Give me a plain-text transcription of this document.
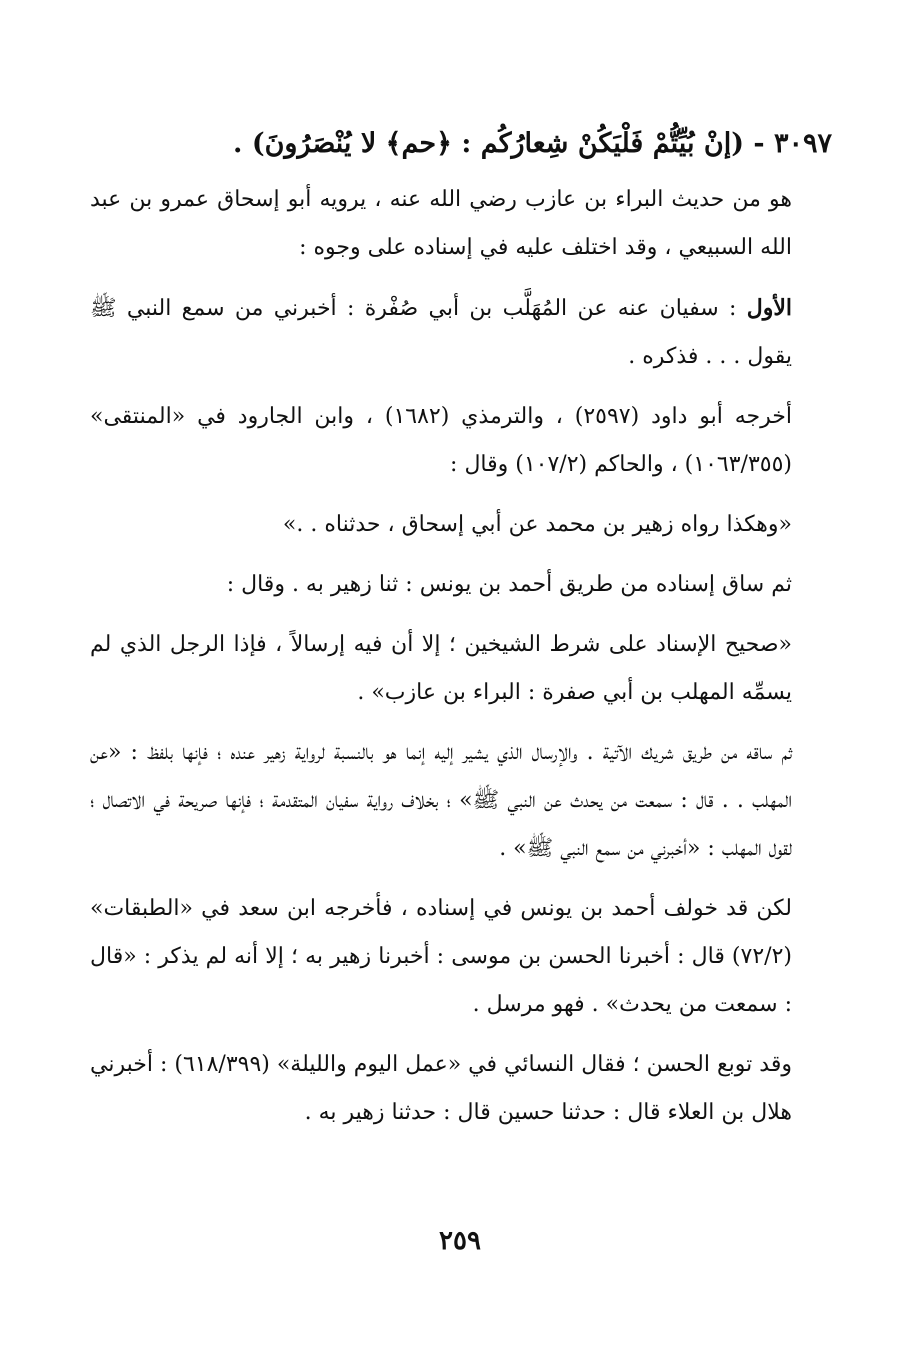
٣٠٩٧ - (إنْ بُيِّتُّمْ فَلْيَكُنْ شِعارُكُم : ﴿حم﴾ لا يُنْصَرُونَ) .

هو من حديث البراء بن عازب رضي الله عنه ، يرويه أبو إسحاق عمرو بن عبد الله السبيعي ، وقد اختلف عليه في إسناده على وجوه :

الأول : سفيان عنه عن المُهَلَّب بن أبي صُفْرة : أخبرني من سمع النبي ﷺ يقول . . . فذكره .

أخرجه أبو داود (٢٥٩٧) ، والترمذي (١٦٨٢) ، وابن الجارود في «المنتقى» (١٠٦٣/٣٥٥) ، والحاكم (١٠٧/٢) وقال :

«وهكذا رواه زهير بن محمد عن أبي إسحاق ، حدثناه . .»

ثم ساق إسناده من طريق أحمد بن يونس : ثنا زهير به . وقال :

«صحيح الإسناد على شرط الشيخين ؛ إلا أن فيه إرسالاً ، فإذا الرجل الذي لم يسمِّه المهلب بن أبي صفرة : البراء بن عازب» .

ثم ساقه من طريق شريك الآتية . والإرسال الذي يشير إليه إنما هو بالنسبة لرواية زهير عنده ؛ فإنها بلفظ : «عن المهلب . . قال : سمعت من يحدث عن النبي ﷺ» ؛ بخلاف رواية سفيان المتقدمة ؛ فإنها صريحة في الاتصال ؛ لقول المهلب : «أخبرني من سمع النبي ﷺ» .

لكن قد خولف أحمد بن يونس في إسناده ، فأخرجه ابن سعد في «الطبقات» (٧٢/٢) قال : أخبرنا الحسن بن موسى : أخبرنا زهير به ؛ إلا أنه لم يذكر : «قال : سمعت من يحدث» . فهو مرسل .

وقد توبع الحسن ؛ فقال النسائي في «عمل اليوم والليلة» (٦١٨/٣٩٩) : أخبرني هلال بن العلاء قال : حدثنا حسين قال : حدثنا زهير به .

٢٥٩
